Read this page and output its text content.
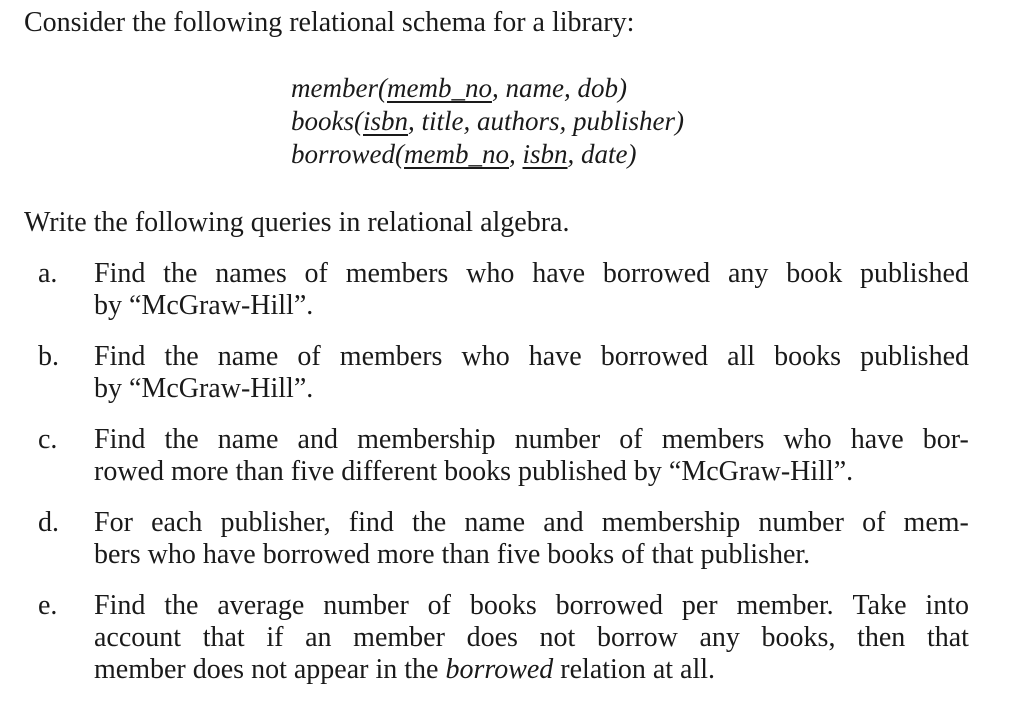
Consider the following relational schema for a library:
member(memb_no, name, dob)
books(isbn, title, authors, publisher)
borrowed(memb_no, isbn, date)
Write the following queries in relational algebra.
a. Find the names of members who have borrowed any book published
by “McGraw-Hill”.
b. Find the name of members who have borrowed all books published
by “McGraw-Hill”.
c. Find the name and membership number of members who have bor-
rowed more than five different books published by “McGraw-Hill”.
d. For each publisher, find the name and membership number of mem-
bers who have borrowed more than five books of that publisher.
e. Find the average number of books borrowed per member. Take into
account that if an member does not borrow any books, then that
member does not appear in the borrowed relation at all.
